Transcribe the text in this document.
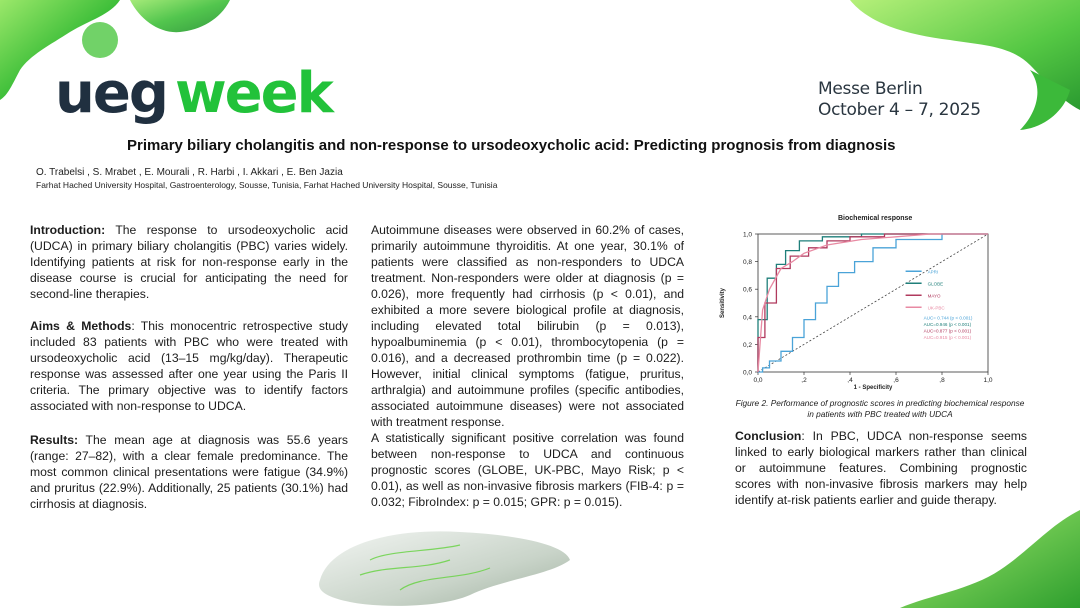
ueg week	Messe Berlin
October 4 – 7, 2025
Primary biliary cholangitis and non-response to ursodeoxycholic acid: Predicting prognosis from diagnosis
O. Trabelsi , S. Mrabet , E. Mourali , R. Harbi , I. Akkari , E. Ben Jazia
Farhat Hached University Hospital, Gastroenterology, Sousse, Tunisia, Farhat Hached University Hospital, Sousse, Tunisia

Introduction: The response to ursodeoxycholic acid (UDCA) in primary biliary cholangitis (PBC) varies widely. Identifying patients at risk for non-response early in the disease course is crucial for anticipating the need for second-line therapies.

Aims & Methods: This monocentric retrospective study included 83 patients with PBC who were treated with ursodeoxycholic acid (13–15 mg/kg/day). Therapeutic response was assessed after one year using the Paris II criteria. The primary objective was to identify factors associated with non-response to UDCA.

Results: The mean age at diagnosis was 55.6 years (range: 27–82), with a clear female predominance. The most common clinical presentations were fatigue (34.9%) and pruritus (22.9%). Additionally, 25 patients (30.1%) had cirrhosis at diagnosis.

Autoimmune diseases were observed in 60.2% of cases, primarily autoimmune thyroiditis. At one year, 30.1% of patients were classified as non-responders to UDCA treatment. Non-responders were older at diagnosis (p = 0.026), more frequently had cirrhosis (p < 0.01), and exhibited a more severe biological profile at diagnosis, including elevated total bilirubin (p = 0.013), hypoalbuminemia (p < 0.01), thrombocytopenia (p = 0.016), and a decreased prothrombin time (p = 0.022). However, initial clinical symptoms (fatigue, pruritus, arthralgia) and autoimmune profiles (specific antibodies, associated autoimmune diseases) were not associated with treatment response.

A statistically significant positive correlation was found between non-response to UDCA and continuous prognostic scores (GLOBE, UK-PBC, Mayo Risk; p < 0.01), as well as non-invasive fibrosis markers (FIB-4: p = 0.032; FibroIndex: p = 0.015; GPR: p = 0.015).

Biochemical response
0,0
0,2
0,4
0,6
0,8
1,0
0,0	,2	,4	,6	,8	1,0
1 - Specificity
Sensitivity
APRI
GLOBE
MAYO
UK-PBC
AUC= 0.744 (p < 0.001)
AUC=0.946 (p < 0.001)
AUC=0.877 (p < 0.001)
AUC=0.915 (p < 0.001)
Figure 2. Performance of prognostic scores in predicting biochemical response in patients with PBC treated with UDCA

Conclusion: In PBC, UDCA non-response seems linked to early biological markers rather than clinical or autoimmune features. Combining prognostic scores with non-invasive fibrosis markers may help identify at-risk patients earlier and guide therapy.
